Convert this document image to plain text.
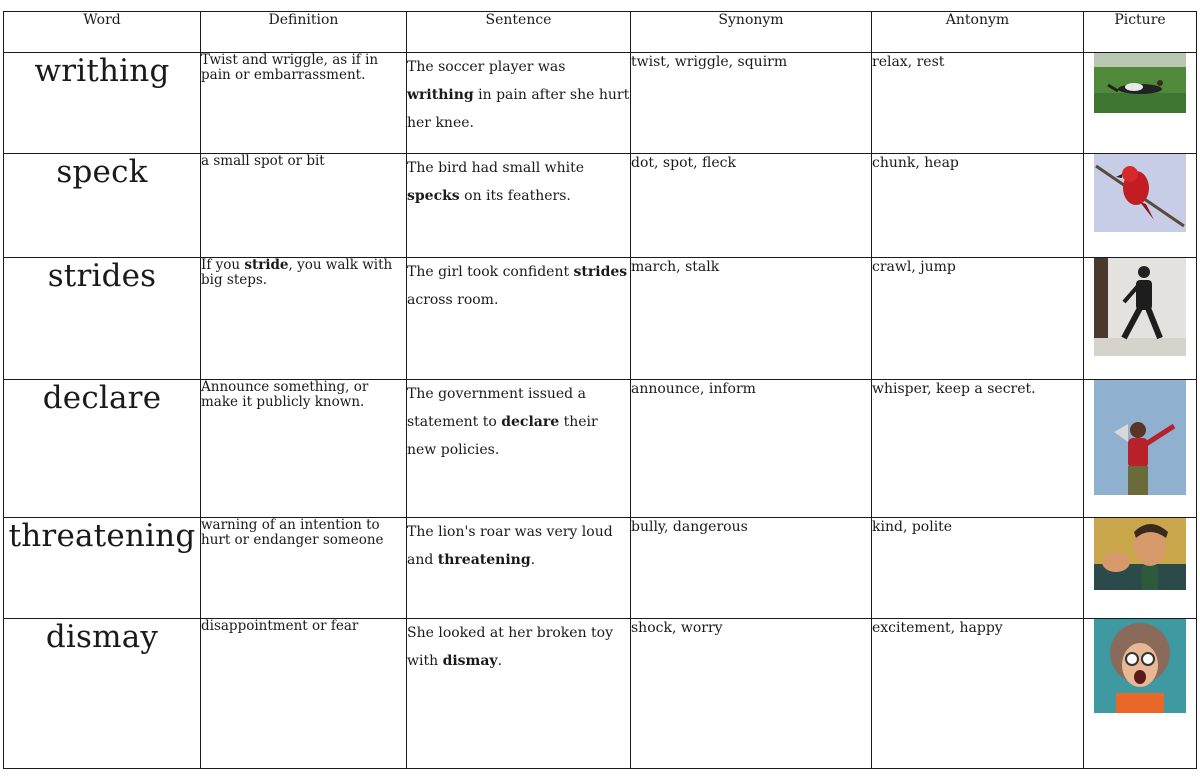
Word	Definition	Sentence	Synonym	Antonym	Picture
writhing	Twist and wriggle, as if in pain or embarrassment.	The soccer player was writhing in pain after she hurt her knee.	twist, wriggle, squirm	relax, rest	

speck	a small spot or bit	The bird had small white specks on its feathers.	dot, spot, fleck	chunk, heap	

strides	If you stride, you walk with big steps.	The girl took confident strides across room.	march, stalk	crawl, jump	

declare	Announce something, or make it publicly known.	The government issued a statement to declare their new policies.	announce, inform	whisper, keep a secret.	

threatening	warning of an intention to hurt or endanger someone	The lion's roar was very loud and threatening.	bully, dangerous	kind, polite	

dismay	disappointment or fear	She looked at her broken toy with dismay.	shock, worry	excitement, happy	
